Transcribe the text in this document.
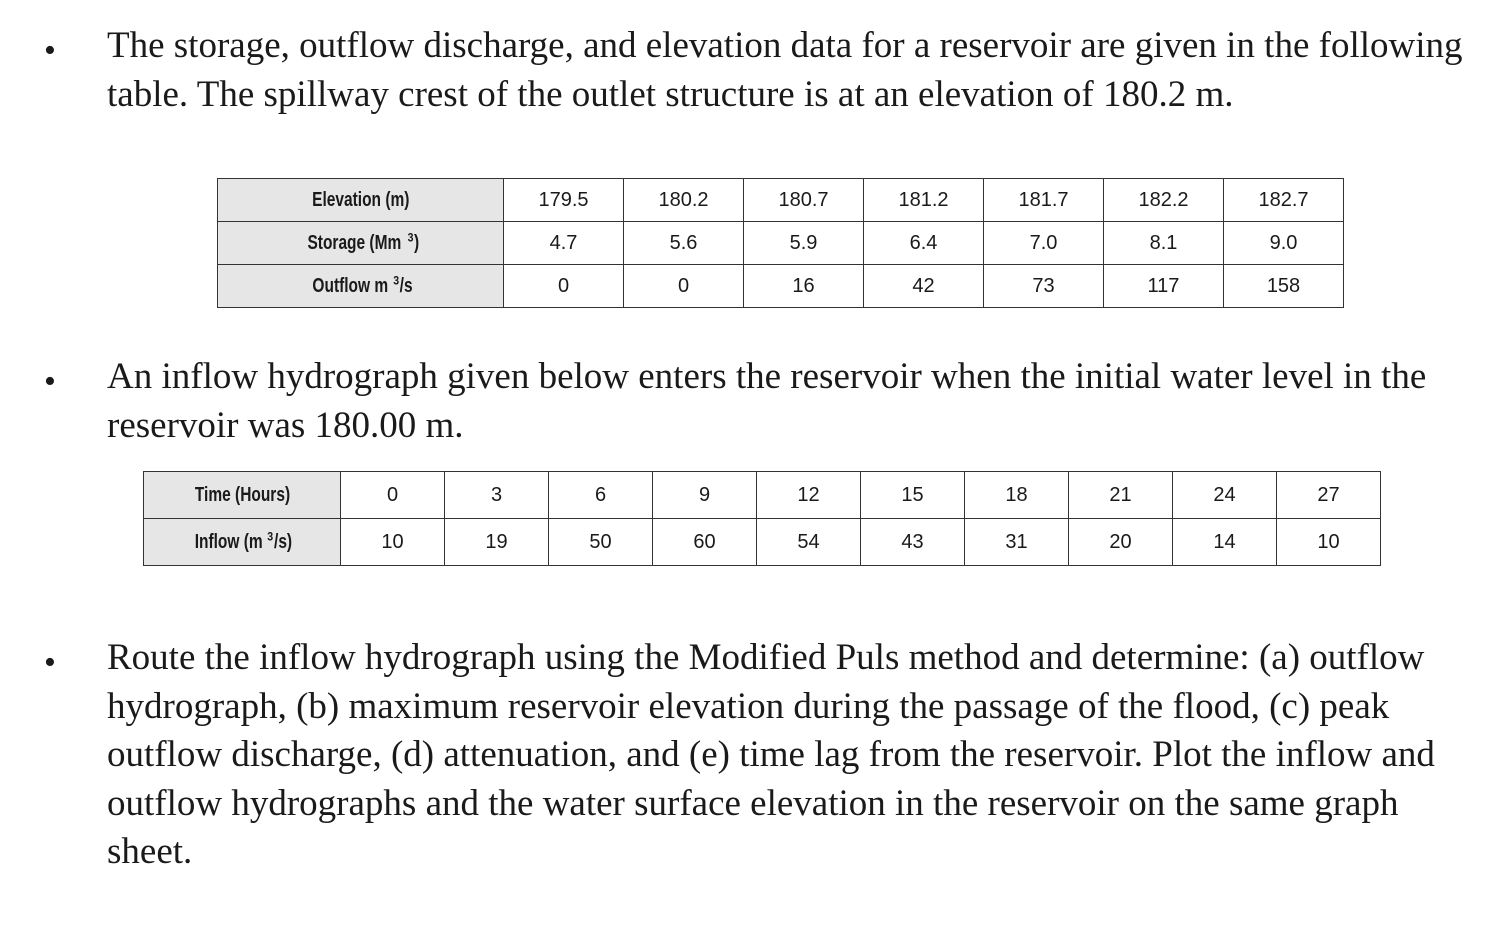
• The storage, outflow discharge, and elevation data for a reservoir are given in the following table. The spillway crest of the outlet structure is at an elevation of 180.2 m.

Elevation (m)	179.5	180.2	180.7	181.2	181.7	182.2	182.7
Storage (Mm $^3$)	4.7	5.6	5.9	6.4	7.0	8.1	9.0
Outflow m $^3$/s	0	0	16	42	73	117	158
• An inflow hydrograph given below enters the reservoir when the initial water level in the reservoir was 180.00 m.

Time (Hours)	0	3	6	9	12	15	18	21	24	27
Inflow (m $^3$/s)	10	19	50	60	54	43	31	20	14	10
• Route the inflow hydrograph using the Modified Puls method and determine: (a) outflow hydrograph, (b) maximum reservoir elevation during the passage of the flood, (c) peak outflow discharge, (d) attenuation, and (e) time lag from the reservoir. Plot the inflow and outflow hydrographs and the water surface elevation in the reservoir on the same graph sheet.
